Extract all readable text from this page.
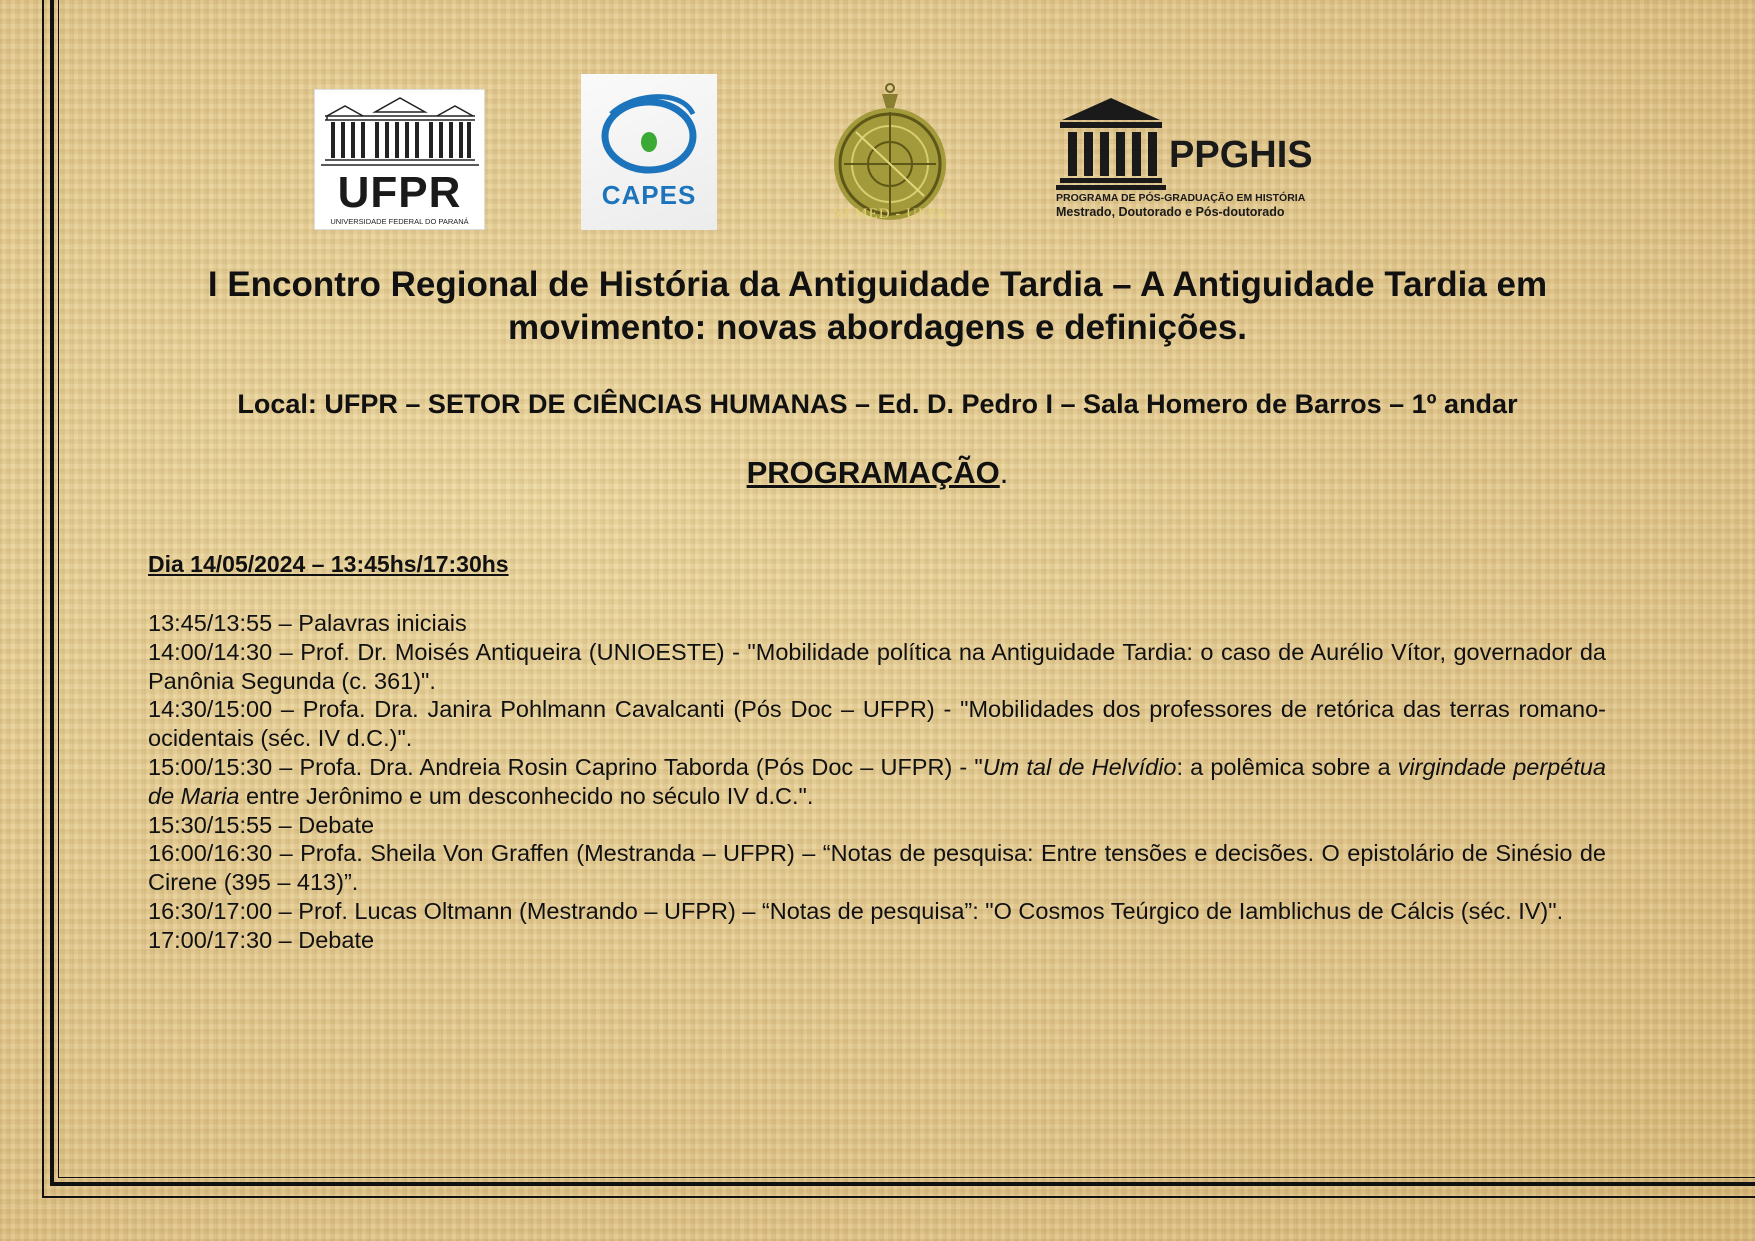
UFPR
UNIVERSIDADE FEDERAL DO PARANÁ
CAPES
NEMED - UFPR
PPGHIS
PROGRAMA DE PÓS-GRADUAÇÃO EM HISTÓRIA
Mestrado, Doutorado e Pós-doutorado
I Encontro Regional de História da Antiguidade Tardia – A Antiguidade Tardia em movimento: novas abordagens e definições.

Local: UFPR – SETOR DE CIÊNCIAS HUMANAS – Ed. D. Pedro I – Sala Homero de Barros – 1º andar

PROGRAMAÇÃO.

Dia 14/05/2024 – 13:45hs/17:30hs

13:45/13:55 – Palavras iniciais
14:00/14:30 – Prof. Dr. Moisés Antiqueira (UNIOESTE) - "Mobilidade política na Antiguidade Tardia: o caso de Aurélio Vítor, governador da Panônia Segunda (c. 361)".
14:30/15:00 – Profa. Dra. Janira Pohlmann Cavalcanti (Pós Doc – UFPR) - "Mobilidades dos professores de retórica das terras romano-ocidentais (séc. IV d.C.)".
15:00/15:30 – Profa. Dra. Andreia Rosin Caprino Taborda (Pós Doc – UFPR) - "Um tal de Helvídio: a polêmica sobre a virgindade perpétua de Maria entre Jerônimo e um desconhecido no século IV d.C.".
15:30/15:55 – Debate
16:00/16:30 – Profa. Sheila Von Graffen (Mestranda – UFPR) – “Notas de pesquisa: Entre tensões e decisões. O epistolário de Sinésio de Cirene (395 – 413)”.
16:30/17:00 – Prof. Lucas Oltmann (Mestrando – UFPR) – “Notas de pesquisa”: "O Cosmos Teúrgico de Iamblichus de Cálcis (séc. IV)".
17:00/17:30 – Debate
